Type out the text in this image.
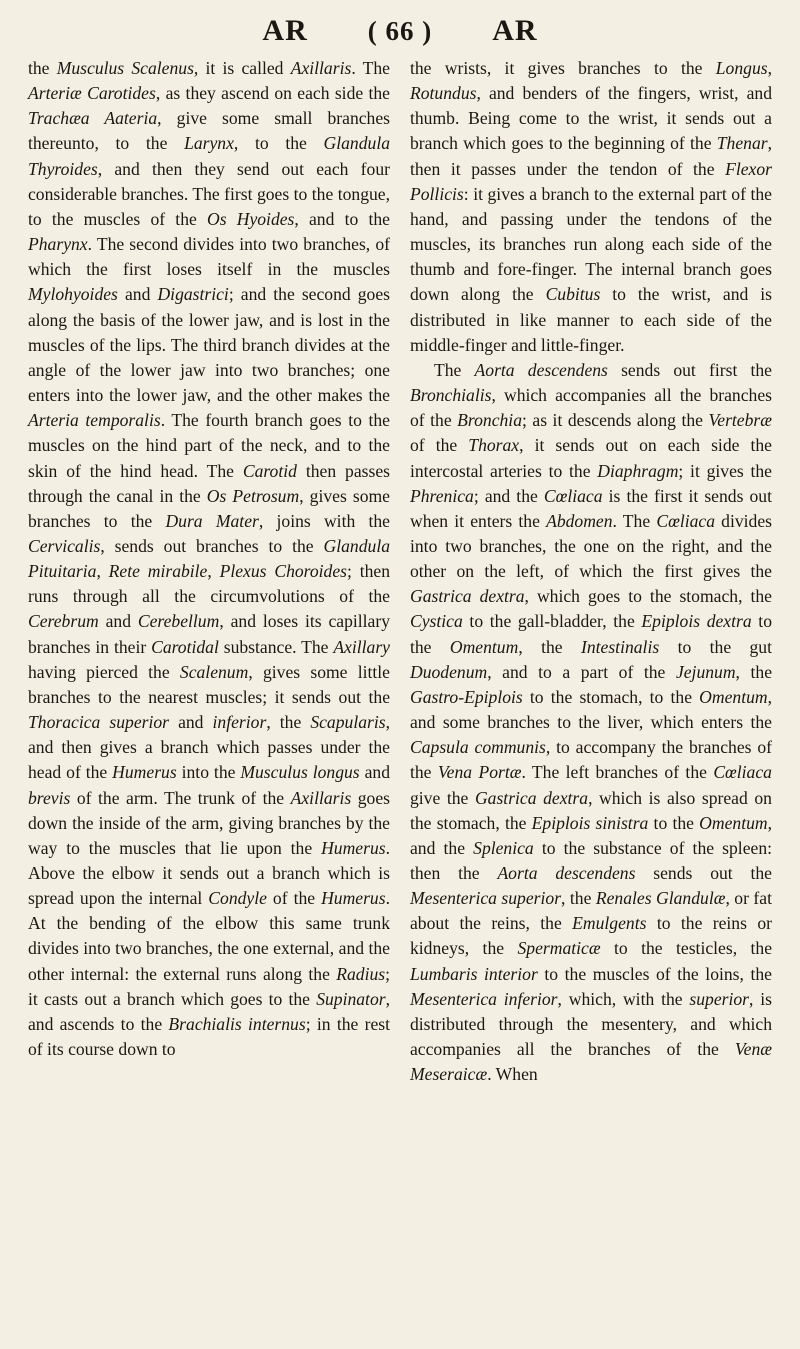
AR ( 66 ) AR

the Musculus Scalenus, it is called Axillaris. The Arteriæ Carotides, as they ascend on each side the Trachæa Aateria, give some small branches thereunto, to the Larynx, to the Glandula Thyroides, and then they send out each four considerable branches. The first goes to the tongue, to the muscles of the Os Hyoides, and to the Pharynx. The second divides into two branches, of which the first loses itself in the muscles Mylohyoides and Digastrici; and the second goes along the basis of the lower jaw, and is lost in the muscles of the lips. The third branch divides at the angle of the lower jaw into two branches; one enters into the lower jaw, and the other makes the Arteria temporalis. The fourth branch goes to the muscles on the hind part of the neck, and to the skin of the hind head. The Carotid then passes through the canal in the Os Petrosum, gives some branches to the Dura Mater, joins with the Cervicalis, sends out branches to the Glandula Pituitaria, Rete mirabile, Plexus Choroides; then runs through all the circumvolutions of the Cerebrum and Cerebellum, and loses its capillary branches in their Carotidal substance. The Axillary having pierced the Scalenum, gives some little branches to the nearest muscles; it sends out the Thoracica superior and inferior, the Scapularis, and then gives a branch which passes under the head of the Humerus into the Musculus longus and brevis of the arm. The trunk of the Axillaris goes down the inside of the arm, giving branches by the way to the muscles that lie upon the Humerus. Above the elbow it sends out a branch which is spread upon the internal Condyle of the Humerus. At the bending of the elbow this same trunk divides into two branches, the one external, and the other internal: the external runs along the Radius; it casts out a branch which goes to the Supinator, and ascends to the Brachialis internus; in the rest of its course down to

the wrists, it gives branches to the Longus, Rotundus, and benders of the fingers, wrist, and thumb. Being come to the wrist, it sends out a branch which goes to the beginning of the Thenar, then it passes under the tendon of the Flexor Pollicis: it gives a branch to the external part of the hand, and passing under the tendons of the muscles, its branches run along each side of the thumb and fore-finger. The internal branch goes down along the Cubitus to the wrist, and is distributed in like manner to each side of the middle-finger and little-finger.

The Aorta descendens sends out first the Bronchialis, which accompanies all the branches of the Bronchia; as it descends along the Vertebræ of the Thorax, it sends out on each side the intercostal arteries to the Diaphragm; it gives the Phrenica; and the Cœliaca is the first it sends out when it enters the Abdomen. The Cœliaca divides into two branches, the one on the right, and the other on the left, of which the first gives the Gastrica dextra, which goes to the stomach, the Cystica to the gall-bladder, the Epiplois dextra to the Omentum, the Intestinalis to the gut Duodenum, and to a part of the Jejunum, the Gastro-Epiplois to the stomach, to the Omentum, and some branches to the liver, which enters the Capsula communis, to accompany the branches of the Vena Portæ. The left branches of the Cœliaca give the Gastrica dextra, which is also spread on the stomach, the Epiplois sinistra to the Omentum, and the Splenica to the substance of the spleen: then the Aorta descendens sends out the Mesenterica superior, the Renales Glandulæ, or fat about the reins, the Emulgents to the reins or kidneys, the Spermaticæ to the testicles, the Lumbaris interior to the muscles of the loins, the Mesenterica inferior, which, with the superior, is distributed through the mesentery, and which accompanies all the branches of the Venæ Meseraicæ. When
